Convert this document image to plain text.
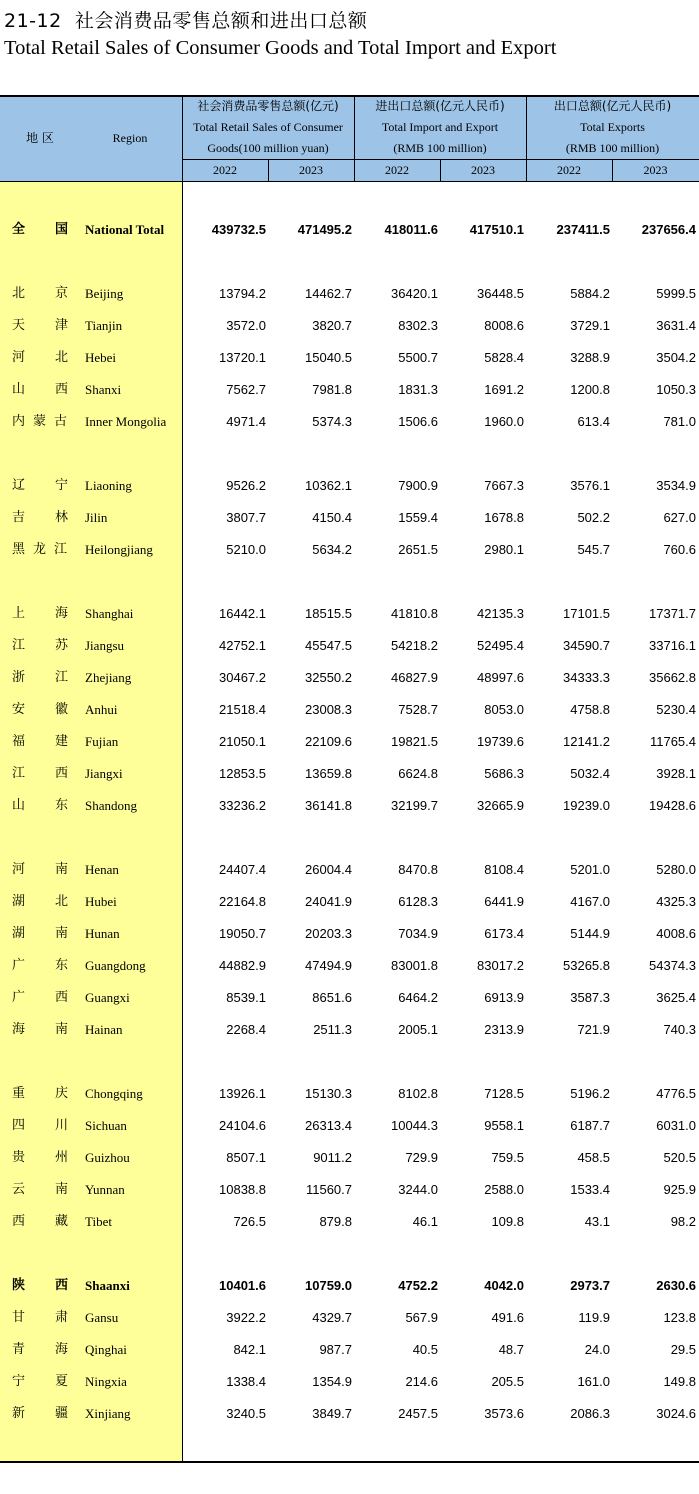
21-12 社会消费品零售总额和进出口总额
Total Retail Sales of Consumer Goods and Total Import and Export
地 区	Region
社会消费品零售总额(亿元)
Total Retail Sales of Consumer
Goods(100 million yuan)
进出口总额(亿元人民币)
Total Import and Export
(RMB 100 million)
出口总额(亿元人民币)
Total Exports
(RMB 100 million)
2022	2023	2022	2023	2022	2023
全 国 National Total	439732.5	471495.2	418011.6	417510.1	237411.5	237656.4
北 京 Beijing	13794.2	14462.7	36420.1	36448.5	5884.2	5999.5
天 津 Tianjin	3572.0	3820.7	8302.3	8008.6	3729.1	3631.4
河 北 Hebei	13720.1	15040.5	5500.7	5828.4	3288.9	3504.2
山 西 Shanxi	7562.7	7981.8	1831.3	1691.2	1200.8	1050.3
内 蒙 古 Inner Mongolia	4971.4	5374.3	1506.6	1960.0	613.4	781.0
辽 宁 Liaoning	9526.2	10362.1	7900.9	7667.3	3576.1	3534.9
吉 林 Jilin	3807.7	4150.4	1559.4	1678.8	502.2	627.0
黑 龙 江 Heilongjiang	5210.0	5634.2	2651.5	2980.1	545.7	760.6
上 海 Shanghai	16442.1	18515.5	41810.8	42135.3	17101.5	17371.7
江 苏 Jiangsu	42752.1	45547.5	54218.2	52495.4	34590.7	33716.1
浙 江 Zhejiang	30467.2	32550.2	46827.9	48997.6	34333.3	35662.8
安 徽 Anhui	21518.4	23008.3	7528.7	8053.0	4758.8	5230.4
福 建 Fujian	21050.1	22109.6	19821.5	19739.6	12141.2	11765.4
江 西 Jiangxi	12853.5	13659.8	6624.8	5686.3	5032.4	3928.1
山 东 Shandong	33236.2	36141.8	32199.7	32665.9	19239.0	19428.6
河 南 Henan	24407.4	26004.4	8470.8	8108.4	5201.0	5280.0
湖 北 Hubei	22164.8	24041.9	6128.3	6441.9	4167.0	4325.3
湖 南 Hunan	19050.7	20203.3	7034.9	6173.4	5144.9	4008.6
广 东 Guangdong	44882.9	47494.9	83001.8	83017.2	53265.8	54374.3
广 西 Guangxi	8539.1	8651.6	6464.2	6913.9	3587.3	3625.4
海 南 Hainan	2268.4	2511.3	2005.1	2313.9	721.9	740.3
重 庆 Chongqing	13926.1	15130.3	8102.8	7128.5	5196.2	4776.5
四 川 Sichuan	24104.6	26313.4	10044.3	9558.1	6187.7	6031.0
贵 州 Guizhou	8507.1	9011.2	729.9	759.5	458.5	520.5
云 南 Yunnan	10838.8	11560.7	3244.0	2588.0	1533.4	925.9
西 藏 Tibet	726.5	879.8	46.1	109.8	43.1	98.2
陕 西 Shaanxi	10401.6	10759.0	4752.2	4042.0	2973.7	2630.6
甘 肃 Gansu	3922.2	4329.7	567.9	491.6	119.9	123.8
青 海 Qinghai	842.1	987.7	40.5	48.7	24.0	29.5
宁 夏 Ningxia	1338.4	1354.9	214.6	205.5	161.0	149.8
新 疆 Xinjiang	3240.5	3849.7	2457.5	3573.6	2086.3	3024.6
